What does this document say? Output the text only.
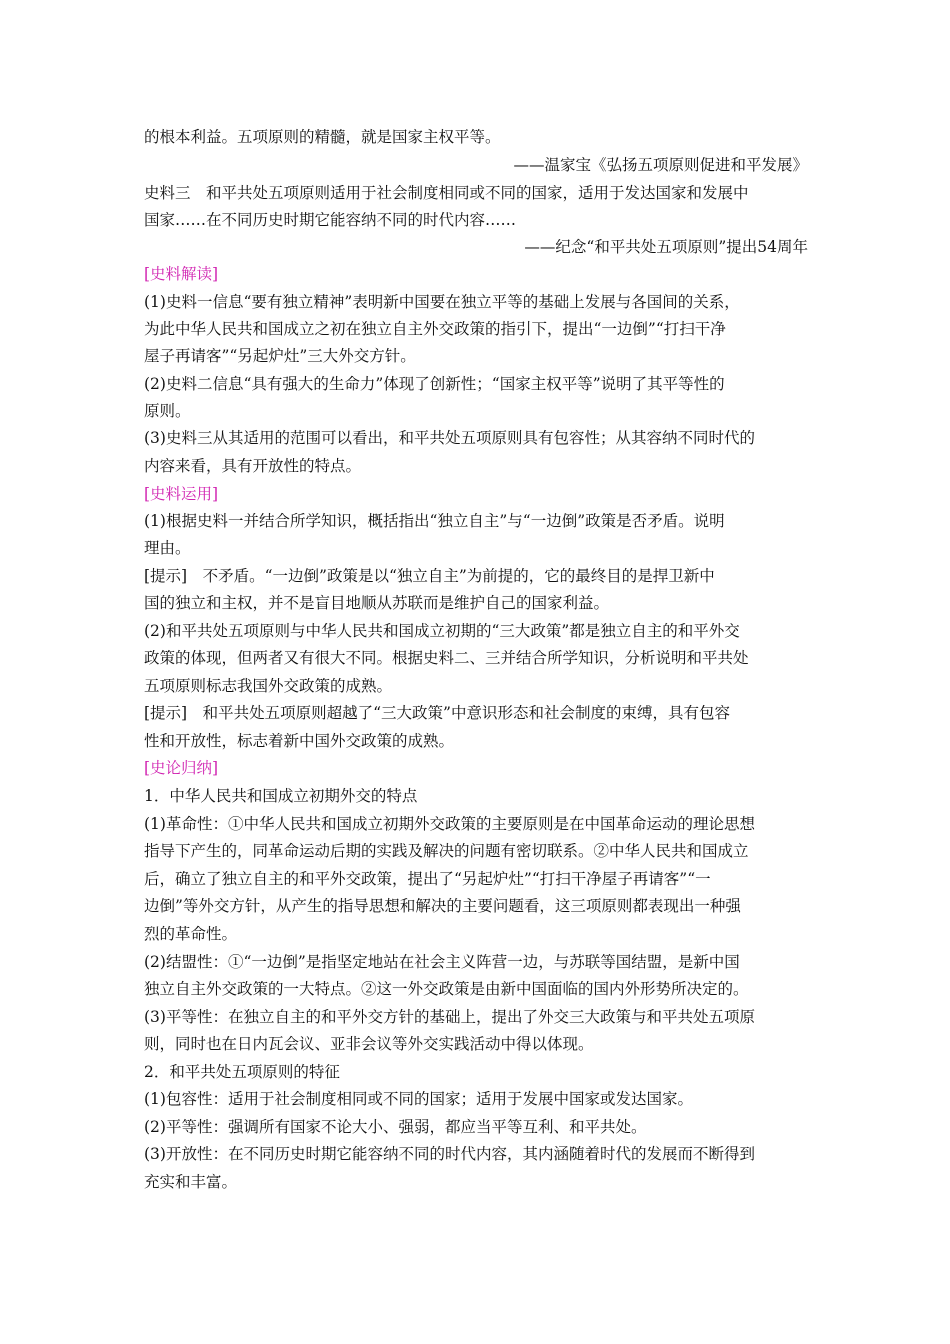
的根本利益。五项原则的精髓，就是国家主权平等。
——温家宝《弘扬五项原则促进和平发展》
史料三　和平共处五项原则适用于社会制度相同或不同的国家，适用于发达国家和发展中
国家……在不同历史时期它能容纳不同的时代内容……
——纪念“和平共处五项原则”提出54周年
[史料解读]
(1)史料一信息“要有独立精神”表明新中国要在独立平等的基础上发展与各国间的关系，
为此中华人民共和国成立之初在独立自主外交政策的指引下，提出“一边倒”“打扫干净
屋子再请客”“另起炉灶”三大外交方针。
(2)史料二信息“具有强大的生命力”体现了创新性；“国家主权平等”说明了其平等性的
原则。
(3)史料三从其适用的范围可以看出，和平共处五项原则具有包容性；从其容纳不同时代的
内容来看，具有开放性的特点。
[史料运用]
(1)根据史料一并结合所学知识，概括指出“独立自主”与“一边倒”政策是否矛盾。说明
理由。
[提示]　不矛盾。“一边倒”政策是以“独立自主”为前提的，它的最终目的是捍卫新中
国的独立和主权，并不是盲目地顺从苏联而是维护自己的国家利益。
(2)和平共处五项原则与中华人民共和国成立初期的“三大政策”都是独立自主的和平外交
政策的体现，但两者又有很大不同。根据史料二、三并结合所学知识，分析说明和平共处
五项原则标志我国外交政策的成熟。
[提示]　和平共处五项原则超越了“三大政策”中意识形态和社会制度的束缚，具有包容
性和开放性，标志着新中国外交政策的成熟。
[史论归纳]
1．中华人民共和国成立初期外交的特点
(1)革命性：①中华人民共和国成立初期外交政策的主要原则是在中国革命运动的理论思想
指导下产生的，同革命运动后期的实践及解决的问题有密切联系。②中华人民共和国成立
后，确立了独立自主的和平外交政策，提出了“另起炉灶”“打扫干净屋子再请客”“一
边倒”等外交方针，从产生的指导思想和解决的主要问题看，这三项原则都表现出一种强
烈的革命性。
(2)结盟性：①“一边倒”是指坚定地站在社会主义阵营一边，与苏联等国结盟，是新中国
独立自主外交政策的一大特点。②这一外交政策是由新中国面临的国内外形势所决定的。
(3)平等性：在独立自主的和平外交方针的基础上，提出了外交三大政策与和平共处五项原
则，同时也在日内瓦会议、亚非会议等外交实践活动中得以体现。
2．和平共处五项原则的特征
(1)包容性：适用于社会制度相同或不同的国家；适用于发展中国家或发达国家。
(2)平等性：强调所有国家不论大小、强弱，都应当平等互利、和平共处。
(3)开放性：在不同历史时期它能容纳不同的时代内容，其内涵随着时代的发展而不断得到
充实和丰富。
